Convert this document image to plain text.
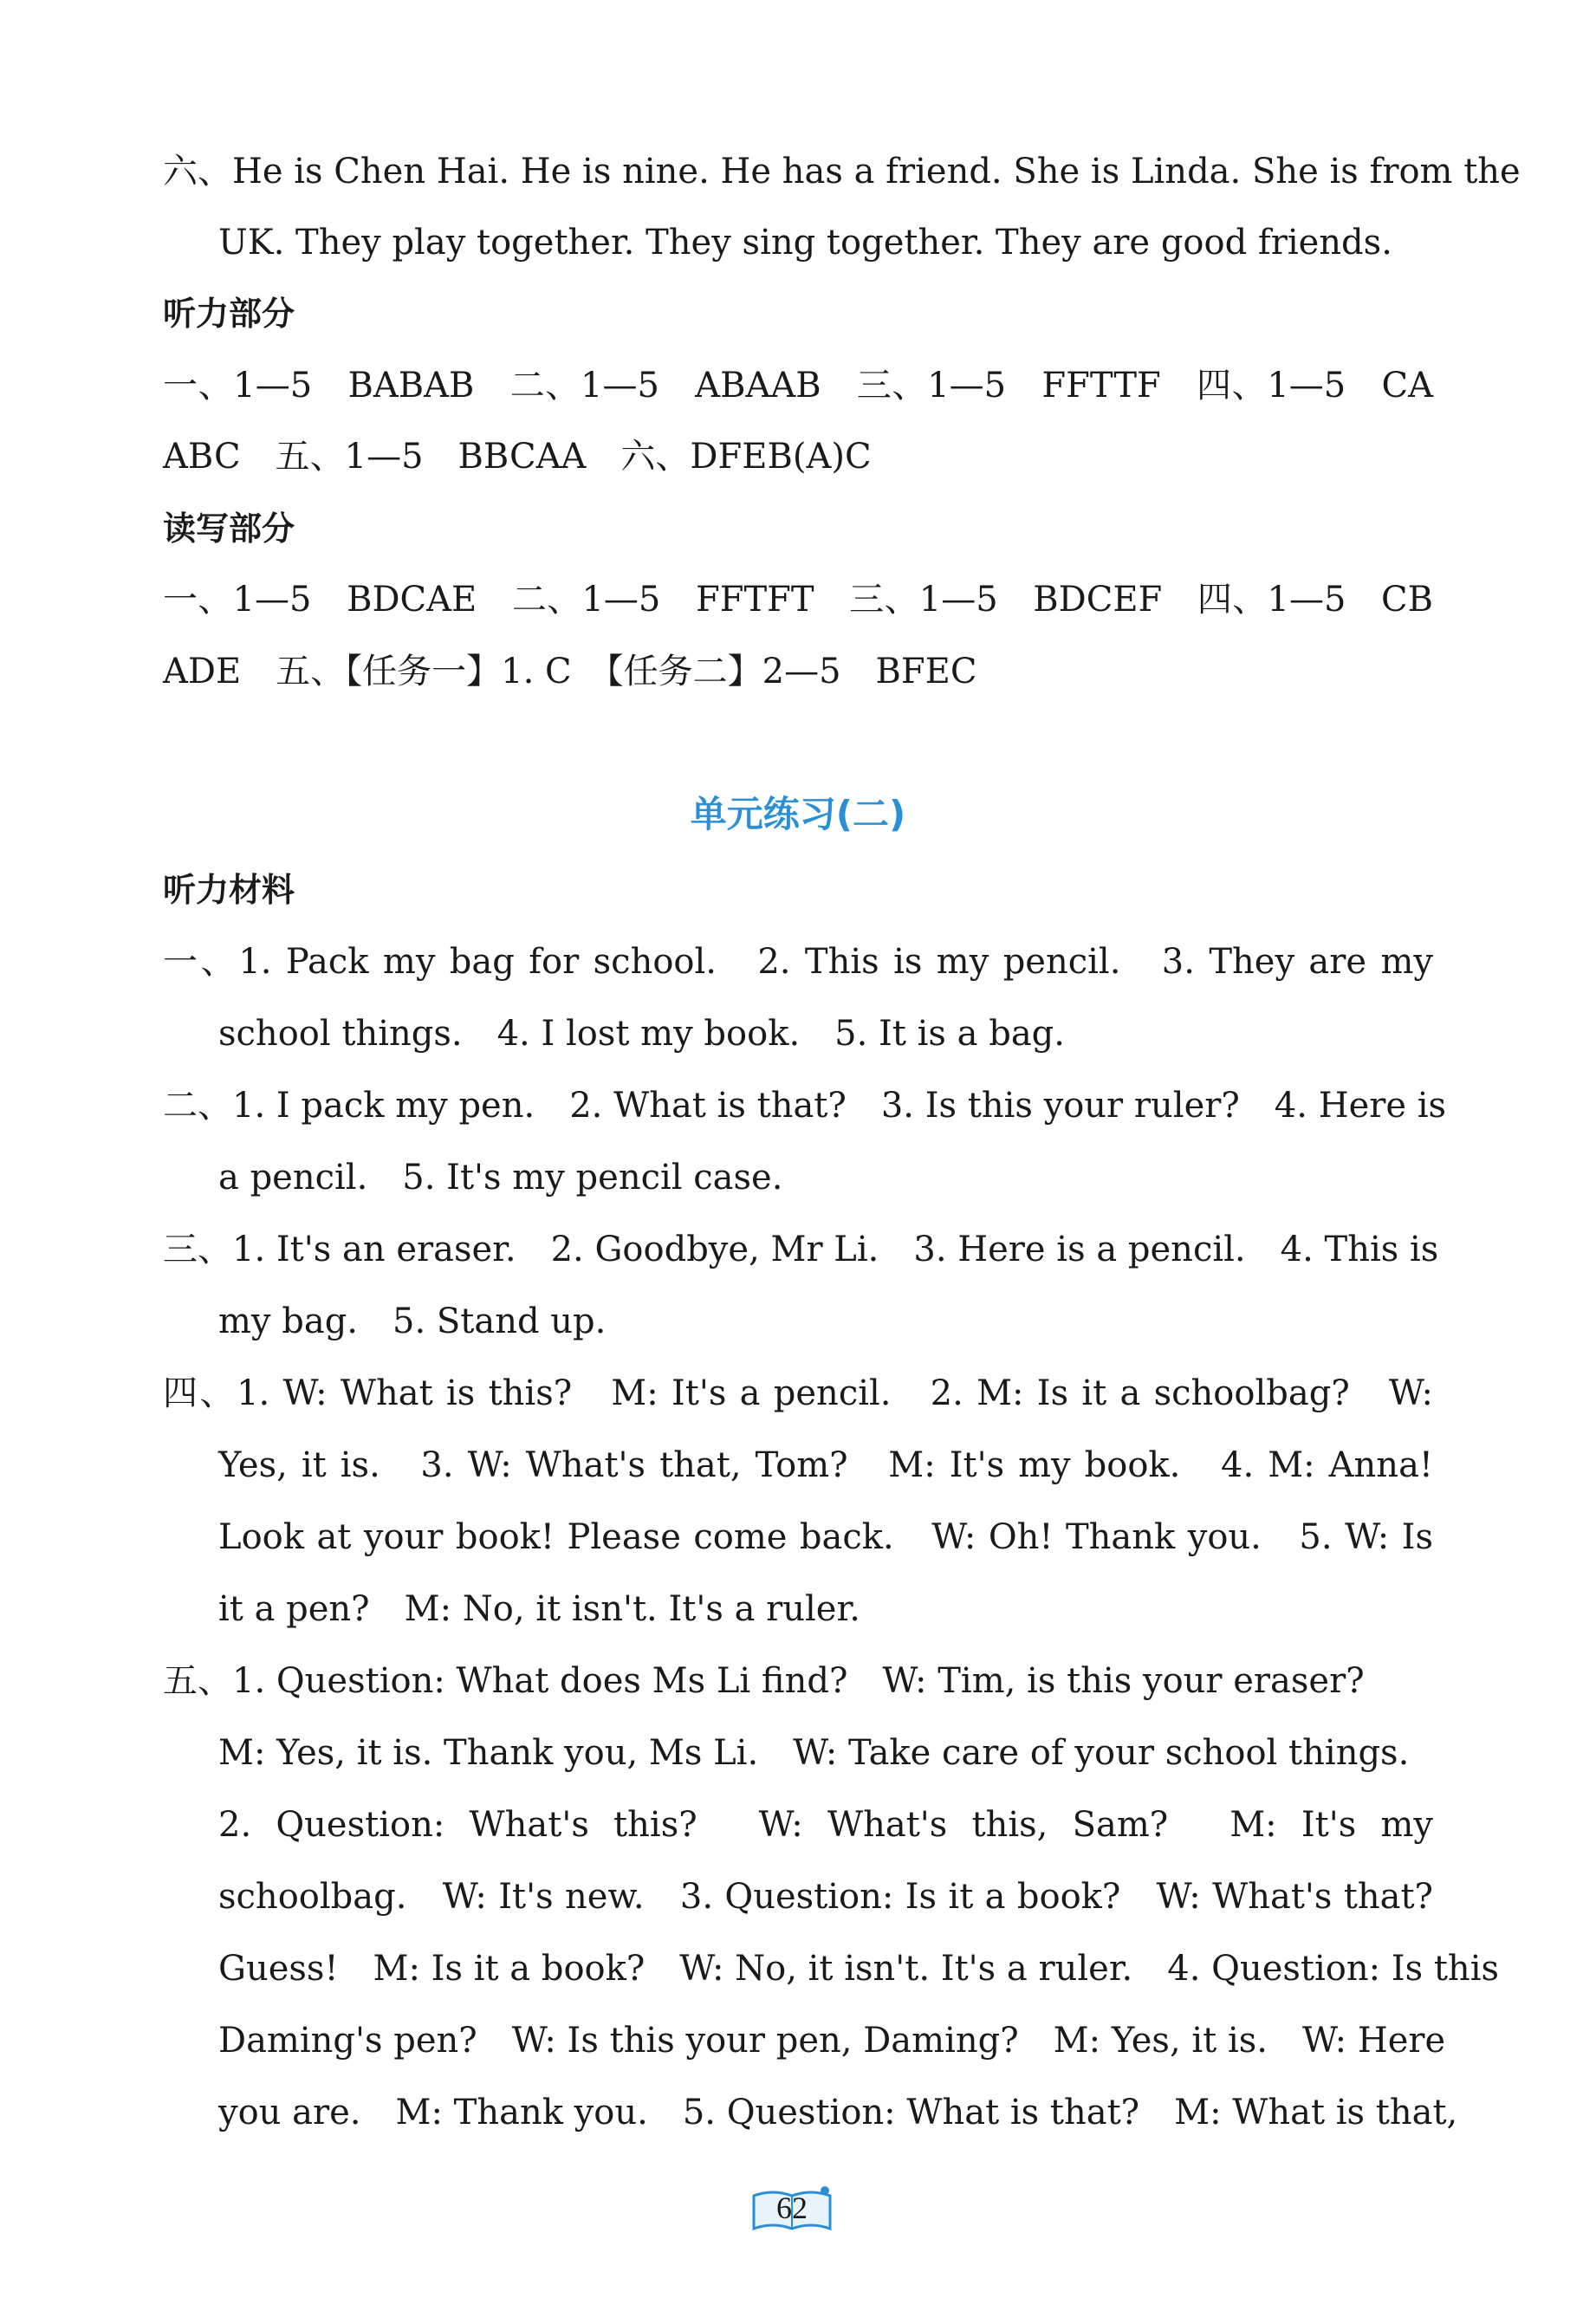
六、He is Chen Hai. He is nine. He has a friend. She is Linda. She is from the
UK. They play together. They sing together. They are good friends.
听力部分
一、1—5　BABAB　二、1—5　ABAAB　三、1—5　FFTTF　四、1—5　CA
ABC　五、1—5　BBCAA　六、DFEB(A)C
读写部分
一、1—5　BDCAE　二、1—5　FFTFT　三、1—5　BDCEF　四、1—5　CB
ADE　五、【任务一】1. C　【任务二】2—5　BFEC
单元练习(二)
听力材料
一、1. Pack my bag for school.　2. This is my pencil.　3. They are my
school things.　4. I lost my book.　5. It is a bag.
二、1. I pack my pen.　2. What is that?　3. Is this your ruler?　4. Here is
a pencil.　5. It's my pencil case.
三、1. It's an eraser.　2. Goodbye, Mr Li.　3. Here is a pencil.　4. This is
my bag.　5. Stand up.
四、1. W: What is this?　M: It's a pencil.　2. M: Is it a schoolbag?　W:
Yes, it is.　3. W: What's that, Tom?　M: It's my book.　4. M: Anna!
Look at your book! Please come back.　W: Oh! Thank you.　5. W: Is
it a pen?　M: No, it isn't. It's a ruler.
五、1. Question: What does Ms Li find?　W: Tim, is this your eraser?
M: Yes, it is. Thank you, Ms Li.　W: Take care of your school things.
2. Question: What's this?　W: What's this, Sam?　M: It's my
schoolbag.　W: It's new.　3. Question: Is it a book?　W: What's that?
Guess!　M: Is it a book?　W: No, it isn't. It's a ruler.　4. Question: Is this
Daming's pen?　W: Is this your pen, Daming?　M: Yes, it is.　W: Here
you are.　M: Thank you.　5. Question: What is that?　M: What is that,
62
